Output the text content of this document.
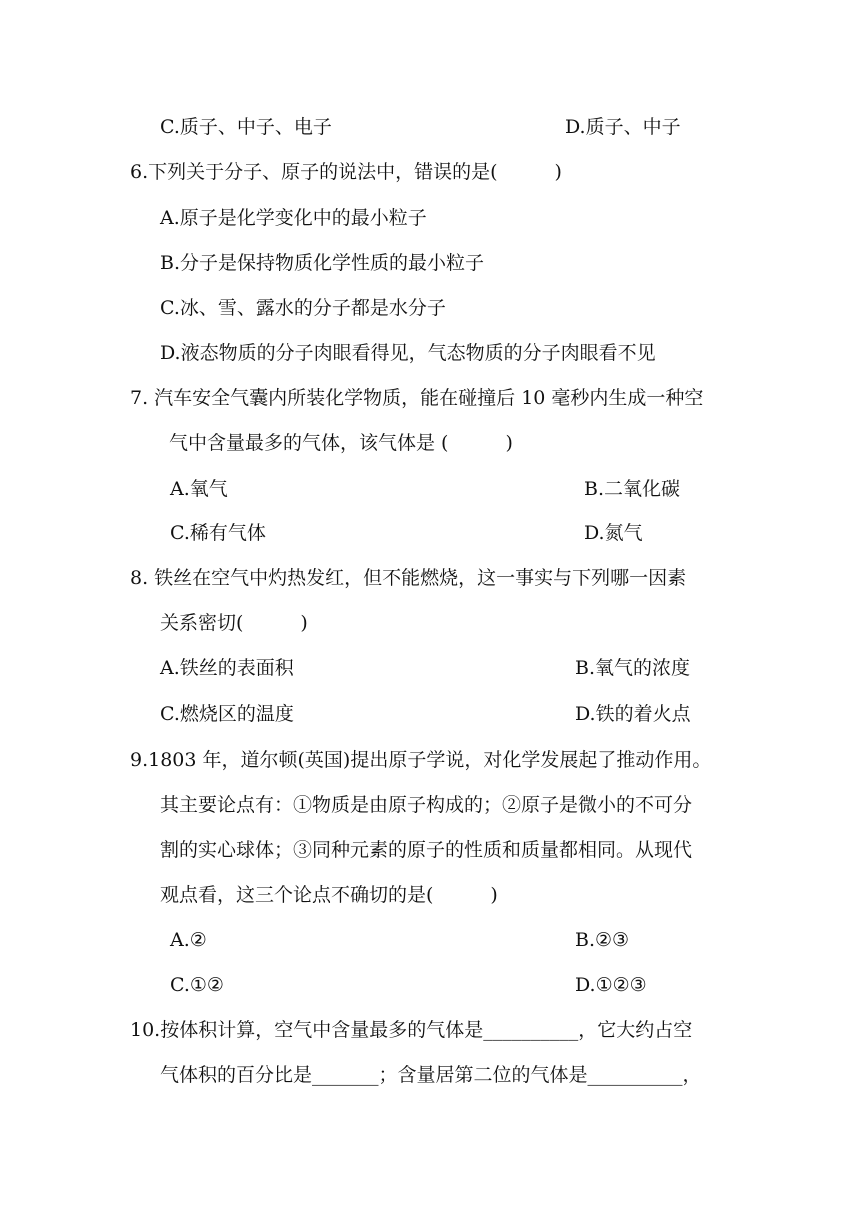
C.质子、中子、电子	D.质子、中子
6.下列关于分子、原子的说法中，错误的是(　　　)
A.原子是化学变化中的最小粒子
B.分子是保持物质化学性质的最小粒子
C.冰、雪、露水的分子都是水分子
D.液态物质的分子肉眼看得见，气态物质的分子肉眼看不见
7. 汽车安全气囊内所装化学物质，能在碰撞后 10 毫秒内生成一种空
气中含量最多的气体，该气体是 (　　　)
A.氧气	B.二氧化碳
C.稀有气体	D.氮气
8. 铁丝在空气中灼热发红，但不能燃烧，这一事实与下列哪一因素
关系密切(　　　)
A.铁丝的表面积	B.氧气的浓度
C.燃烧区的温度	D.铁的着火点
9.1803 年，道尔顿(英国)提出原子学说，对化学发展起了推动作用。
其主要论点有：①物质是由原子构成的；②原子是微小的不可分
割的实心球体；③同种元素的原子的性质和质量都相同。从现代
观点看，这三个论点不确切的是(　　　)
A.②	B.②③
C.①②	D.①②③
10.按体积计算，空气中含量最多的气体是__________，它大约占空
气体积的百分比是_______；含量居第二位的气体是__________，
